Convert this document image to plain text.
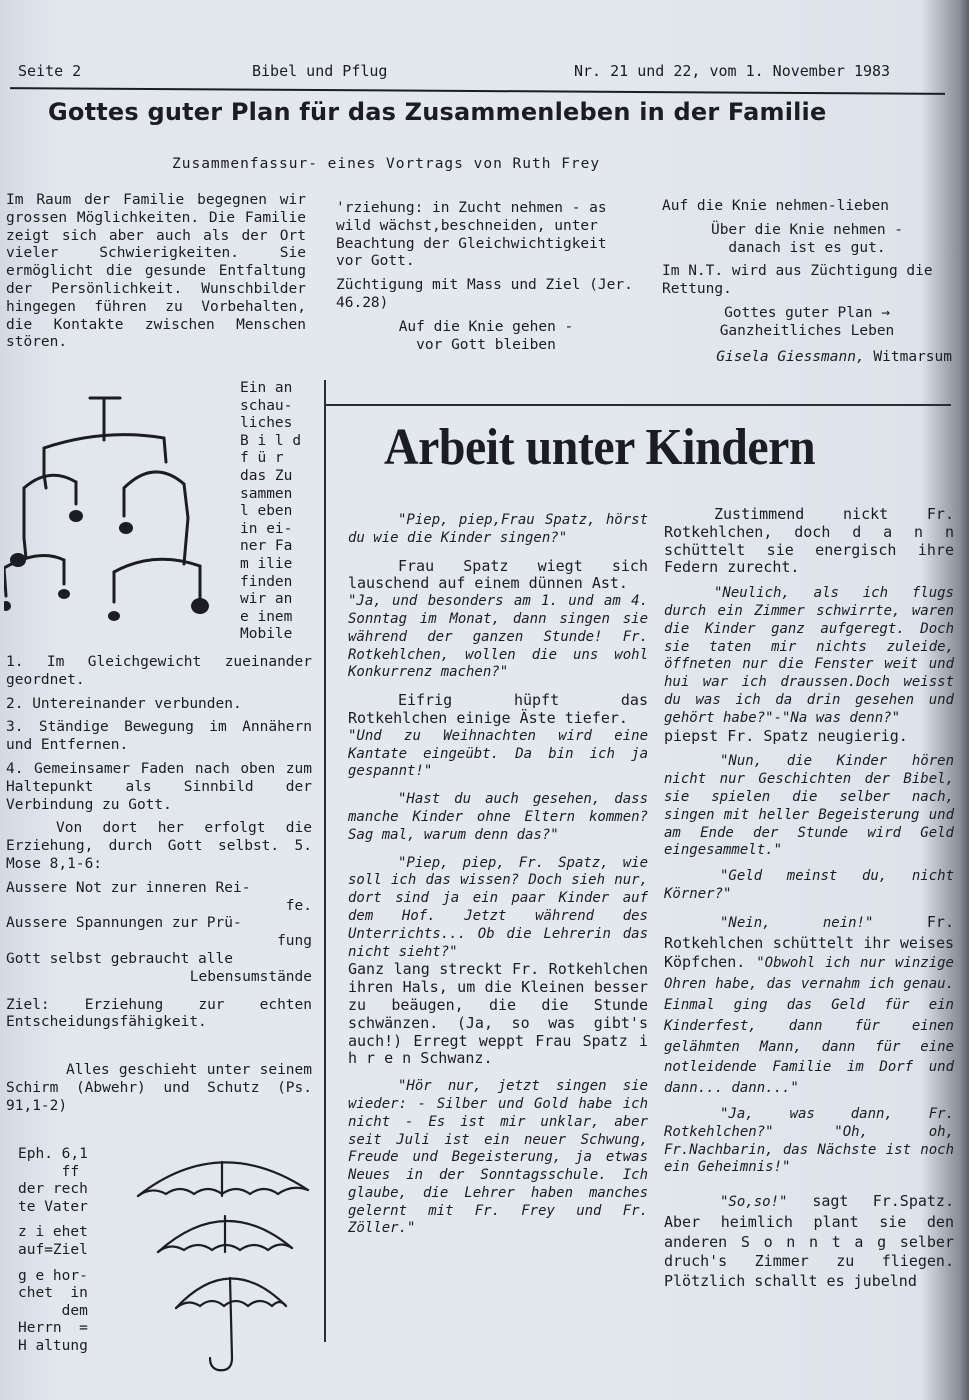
Seite 2	Bibel und Pflug	Nr. 21 und 22, vom 1. November 1983
Gottes guter Plan für das Zusammenleben in der Familie
Zusammenfassur‑ eines Vortrags von Ruth Frey
Im Raum der Familie begegnen wir grossen Möglichkeiten. Die Familie zeigt sich aber auch als der Ort vieler Schwierigkeiten. Sie ermöglicht die gesunde Entfaltung der Persönlichkeit. Wunschbilder hingegen führen zu Vorbehalten, die Kontakte zwischen Menschen stören.
Ein an
schau‑
liches
B i l d
f ü r
das Zu
sammen
l eben
in ei‑
ner Fa
m ilie
finden
wir an
e inem
Mobile

1. Im Gleichgewicht zueinander geordnet.

2. Untereinander verbunden.

3. Ständige Bewegung im Annähern und Entfernen.

4. Gemeinsamer Faden nach oben zum Haltepunkt als Sinnbild der Verbindung zu Gott.

Von dort her erfolgt die Erziehung, durch Gott selbst. 5. Mose 8,1-6:

Aussere Not zur inneren Rei‑
fe.
Aussere Spannungen zur Prü‑
fung
Gott selbst gebraucht alle
Lebensumstände

Ziel: Erziehung zur echten Entscheidungsfähigkeit.

Alles geschieht unter seinem Schirm (Abwehr) und Schutz (Ps. 91,1-2)

Eph. 6,1
ff
der rech
te Vater
z i ehet
auf=Ziel
g e hor‑
chet  in
dem
Herrn  =
H altung

'rziehung: in Zucht nehmen - as wild wächst,beschneiden, unter Beachtung der Gleichwichtigkeit vor Gott.

Züchtigung mit Mass und Ziel (Jer. 46.28)

Auf die Knie gehen -
vor Gott bleiben

Auf die Knie nehmen-lieben

Über die Knie nehmen -
danach ist es gut.

Im N.T. wird aus Züchtigung die Rettung.

Gottes guter Plan →
Ganzheitliches Leben
Gisela Giessmann, Witmarsum
Arbeit unter Kindern
"Piep, piep,Frau Spatz, hörst du wie die Kinder singen?"
Frau Spatz wiegt sich lauschend auf einem dünnen Ast.
"Ja, und besonders am 1. und am 4. Sonntag im Monat, dann singen sie während der ganzen Stunde! Fr. Rotkehlchen, wollen die uns wohl Konkurrenz machen?"
Eifrig hüpft das Rotkehlchen einige Äste tiefer.
"Und zu Weihnachten wird eine Kantate eingeübt. Da bin ich ja gespannt!"
"Hast du auch gesehen, dass manche Kinder ohne Eltern kommen? Sag mal, warum denn das?"
"Piep, piep, Fr. Spatz, wie soll ich das wissen? Doch sieh nur, dort sind ja ein paar Kinder auf dem Hof. Jetzt während des Unterrichts... Ob die Lehrerin das nicht sieht?"
Ganz lang streckt Fr. Rotkehlchen ihren Hals, um die Kleinen besser zu beäugen, die die Stunde schwänzen. (Ja, so was gibt's auch!) Erregt weppt Frau Spatz i h r e n Schwanz.
"Hör nur, jetzt singen sie wieder: - Silber und Gold habe ich nicht - Es ist mir unklar, aber seit Juli ist ein neuer Schwung, Freude und Begeisterung, ja etwas Neues in der Sonntagsschule. Ich glaube, die Lehrer haben manches gelernt mit Fr. Frey und Fr. Zöller."
Zustimmend nickt Fr. Rotkehlchen, doch d a n n schüttelt sie energisch ihre Federn zurecht.
"Neulich, als ich flugs durch ein Zimmer schwirrte, waren die Kinder ganz aufgeregt. Doch sie taten mir nichts zuleide, öffneten nur die Fenster weit und hui war ich draussen.Doch weisst du was ich da drin gesehen und gehört habe?"-"Na was denn?"
piepst Fr. Spatz neugierig.
"Nun, die Kinder hören nicht nur Geschichten der Bibel, sie spielen die selber nach, singen mit heller Begeisterung und am Ende der Stunde wird Geld eingesammelt."
"Geld meinst du, nicht Körner?"
"Nein, nein!"	Fr. Rotkehlchen schüttelt ihr weises Köpfchen. "Obwohl ich nur winzige Ohren habe, das vernahm ich genau. Einmal ging das Geld für ein Kinderfest, dann für einen gelähmten Mann, dann für eine notleidende Familie im Dorf und dann... dann..."
"Ja, was dann, Fr. Rotkehlchen?" "Oh, oh, Fr.Nachbarin, das Nächste ist noch ein Geheimnis!"
"So,so!" sagt Fr.Spatz. Aber heimlich plant sie den anderen S o n n t a g selber druch's Zimmer zu fliegen. Plötzlich schallt es jubelnd
